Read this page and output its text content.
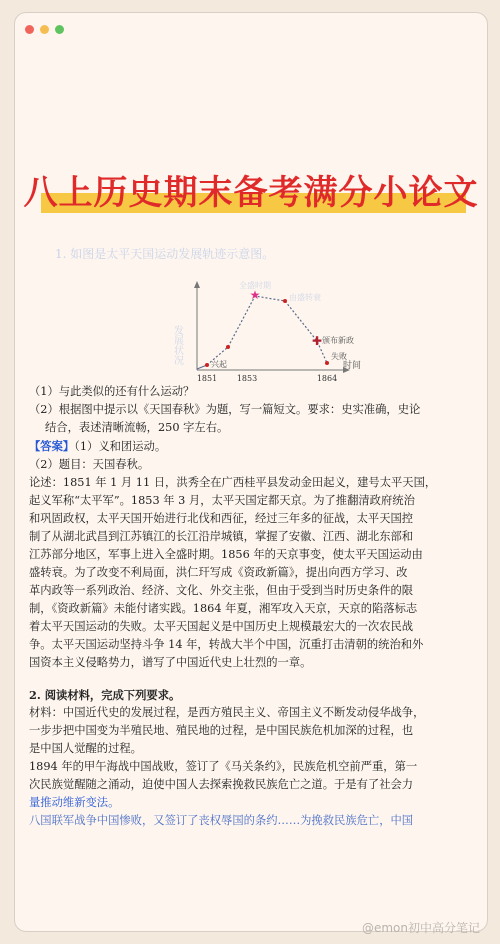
八上历史期末备考满分小论文
1. 如图是太平天国运动发展轨迹示意图。
发展状况
时间
★
✚
兴起
全盛时期
由盛转衰
颁布新政
失败
1851 1853	1864
（1）与此类似的还有什么运动？
（2）根据图中提示以《天国春秋》为题，写一篇短文。要求：史实准确，史论
结合，表述清晰流畅，250 字左右。
【答案】（1）义和团运动。
（2）题目：天国春秋。
论述：1851 年 1 月 11 日，洪秀全在广西桂平县发动金田起义，建号太平天国，
起义军称“太平军”。1853 年 3 月，太平天国定都天京。为了推翻清政府统治
和巩固政权，太平天国开始进行北伐和西征，经过三年多的征战，太平天国控
制了从湖北武昌到江苏镇江的长江沿岸城镇，掌握了安徽、江西、湖北东部和
江苏部分地区，军事上进入全盛时期。1856 年的天京事变，使太平天国运动由
盛转衰。为了改变不利局面，洪仁玕写成《资政新篇》，提出向西方学习、改
革内政等一系列政治、经济、文化、外交主张，但由于受到当时历史条件的限
制，《资政新篇》未能付诸实践。1864 年夏，湘军攻入天京，天京的陷落标志
着太平天国运动的失败。太平天国起义是中国历史上规模最宏大的一次农民战
争。太平天国运动坚持斗争 14 年，转战大半个中国，沉重打击清朝的统治和外
国资本主义侵略势力，谱写了中国近代史上壮烈的一章。
2. 阅读材料，完成下列要求。
材料：中国近代史的发展过程，是西方殖民主义、帝国主义不断发动侵华战争，
一步步把中国变为半殖民地、殖民地的过程，是中国民族危机加深的过程，也
是中国人觉醒的过程。
1894 年的甲午海战中国战败，签订了《马关条约》，民族危机空前严重，第一
次民族觉醒随之涌动，迫使中国人去探索挽救民族危亡之道。于是有了社会力
量推动维新变法。
八国联军战争中国惨败，又签订了丧权辱国的条约……为挽救民族危亡，中国
@emon初中高分笔记
